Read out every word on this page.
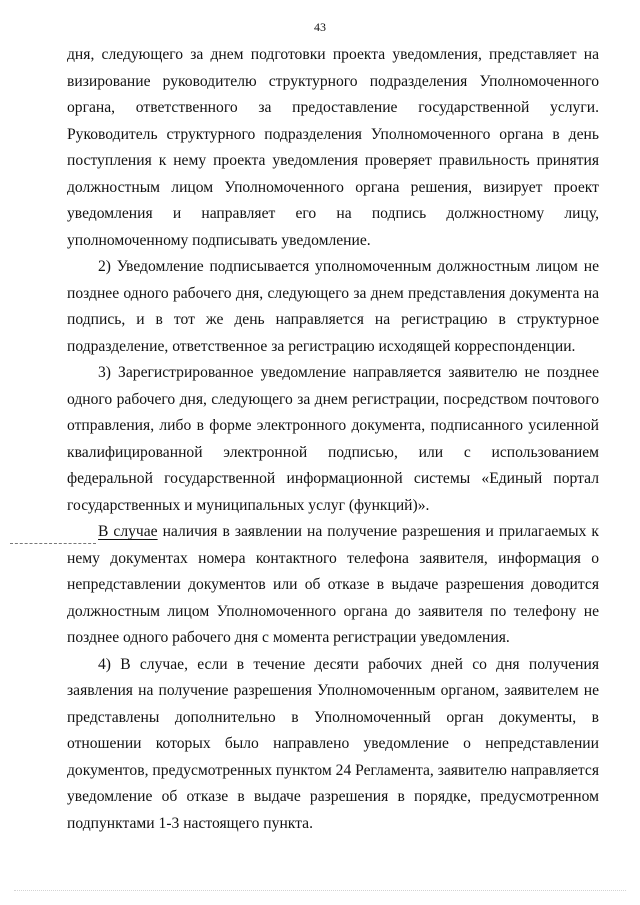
43

дня, следующего за днем подготовки проекта уведомления, представляет на визирование руководителю структурного подразделения Уполномоченного органа, ответственного за предоставление государственной услуги. Руководитель структурного подразделения Уполномоченного органа в день поступления к нему проекта уведомления проверяет правильность принятия должностным лицом Уполномоченного органа решения, визирует проект уведомления и направляет его на подпись должностному лицу, уполномоченному подписывать уведомление.

2) Уведомление подписывается уполномоченным должностным лицом не позднее одного рабочего дня, следующего за днем представления документа на подпись, и в тот же день направляется на регистрацию в структурное подразделение, ответственное за регистрацию исходящей корреспонденции.

3) Зарегистрированное уведомление направляется заявителю не позднее одного рабочего дня, следующего за днем регистрации, посредством почтового отправления, либо в форме электронного документа, подписанного усиленной квалифицированной электронной подписью, или с использованием федеральной государственной информационной системы «Единый портал государственных и муниципальных услуг (функций)».

В случае наличия в заявлении на получение разрешения и прилагаемых к нему документах номера контактного телефона заявителя, информация о непредставлении документов или об отказе в выдаче разрешения доводится должностным лицом Уполномоченного органа до заявителя по телефону не позднее одного рабочего дня с момента регистрации уведомления.

4) В случае, если в течение десяти рабочих дней со дня получения заявления на получение разрешения Уполномоченным органом, заявителем не представлены дополнительно в Уполномоченный орган документы, в отношении которых было направлено уведомление о непредставлении документов, предусмотренных пунктом 24 Регламента, заявителю направляется уведомление об отказе в выдаче разрешения в порядке, предусмотренном подпунктами 1-3 настоящего пункта.
